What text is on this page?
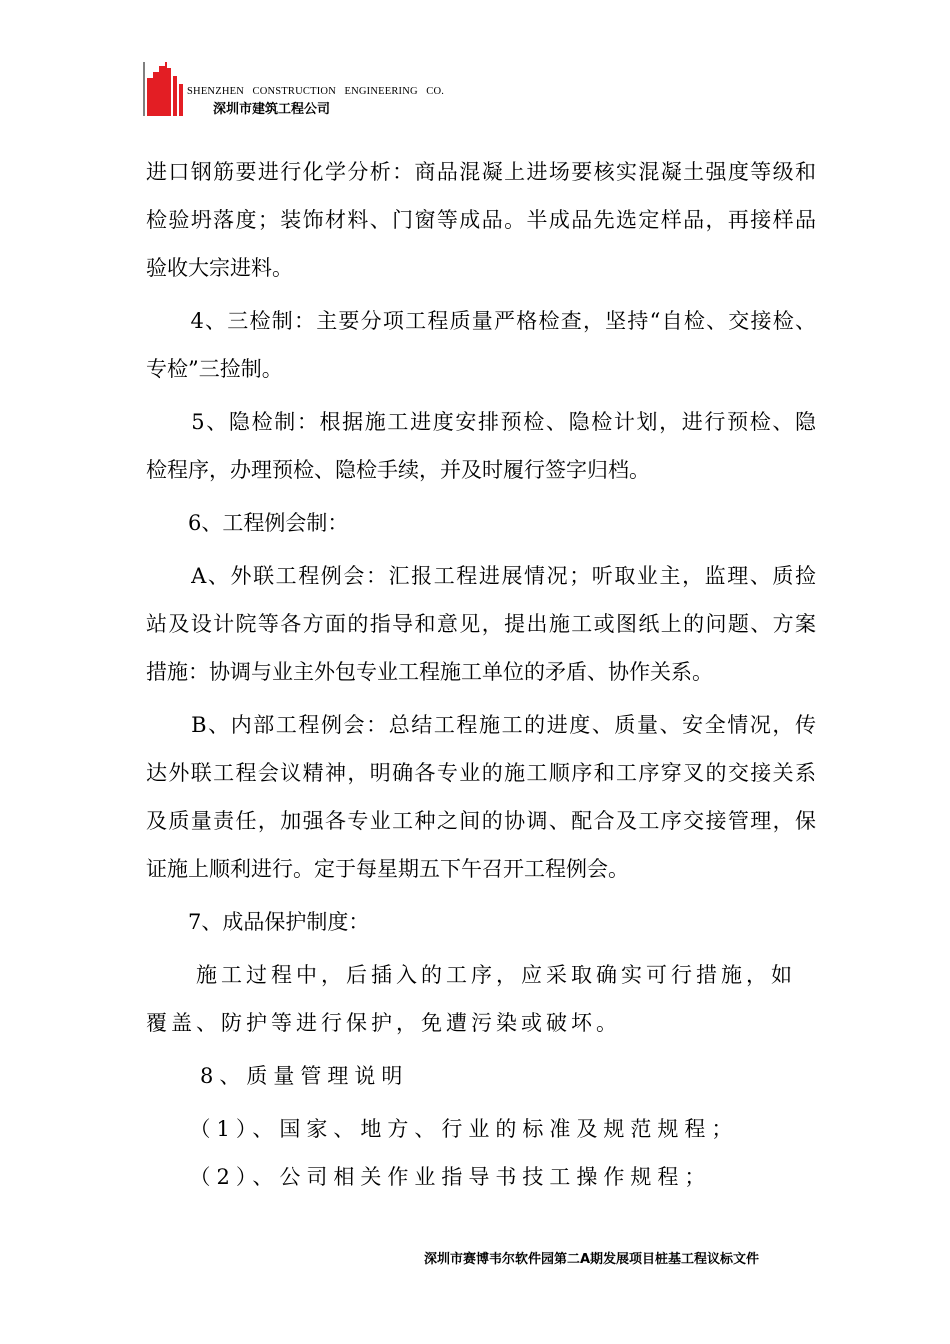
SHENZHEN   CONSTRUCTION   ENGINEERING   CO.
深圳市建筑工程公司
进口钢筋要进行化学分析：商品混凝上进场要核实混凝土强度等级和
检验坍落度；装饰材料、门窗等成品。半成品先选定样品，再接样品
验收大宗进料。
　　4、三检制：主要分项工程质量严格检查，坚持“自检、交接检、
专检”三捡制。
　　5、隐检制：根据施工进度安排预检、隐检计划，进行预检、隐
检程序，办理预检、隐检手续，并及时履行签字归档。
　　6、工程例会制：
　　A、外联工程例会：汇报工程进展情况；听取业主，监理、质捡
站及设计院等各方面的指导和意见，提出施工或图纸上的问题、方案
措施：协调与业主外包专业工程施工单位的矛盾、协作关系。
　　B、内部工程例会：总结工程施工的进度、质量、安全情况，传
达外联工程会议精神，明确各专业的施工顺序和工序穿叉的交接关系
及质量责任，加强各专业工种之间的协调、配合及工序交接管理，保
证施上顺利进行。定于每星期五下午召开工程例会。
　　7、成品保护制度：
　　施工过程中，后插入的工序，应采取确实可行措施，如
覆盖、防护等进行保护，免遭污染或破坏。
　　8、质量管理说明
　　（1）、国家、地方、行业的标准及规范规程；
　　（2）、公司相关作业指导书技工操作规程；
深圳市赛博韦尔软件园第二A期发展项目桩基工程议标文件
